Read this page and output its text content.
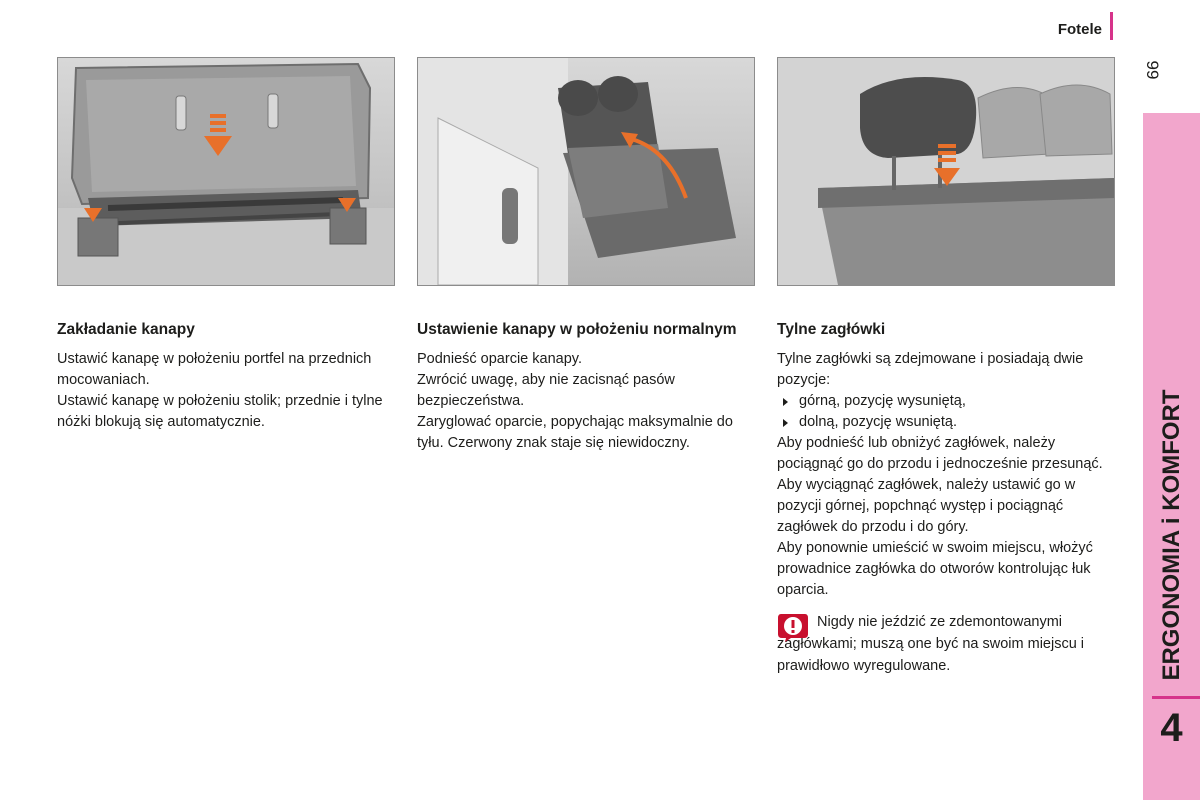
Fotele
99
ERGONOMIA i KOMFORT
4
Zakładanie kanapy

Ustawić kanapę w położeniu portfel na przednich mocowaniach.

Ustawić kanapę w położeniu stolik; przednie i tylne nóżki blokują się automatycznie.

Ustawienie kanapy w położeniu normalnym

Podnieść oparcie kanapy.

Zwrócić uwagę, aby nie zacisnąć pasów bezpieczeństwa.

Zaryglować oparcie, popychając maksymalnie do tyłu. Czerwony znak staje się niewidoczny.

Tylne zagłówki

Tylne zagłówki są zdejmowane i posiadają dwie pozycje:

górną, pozycję wysuniętą,
dolną, pozycję wsuniętą.

Aby podnieść lub obniżyć zagłówek, należy pociągnąć go do przodu i jednocześnie przesunąć.

Aby wyciągnąć zagłówek, należy ustawić go w pozycji górnej, popchnąć występ i pociągnąć zagłówek do przodu i do góry.

Aby ponownie umieścić w swoim miejscu, włożyć prowadnice zagłówka do otworów kontrolując łuk oparcia.

Nigdy nie jeździć ze zdemontowanymi zagłówkami; muszą one być na swoim miejscu i prawidłowo wyregulowane.
